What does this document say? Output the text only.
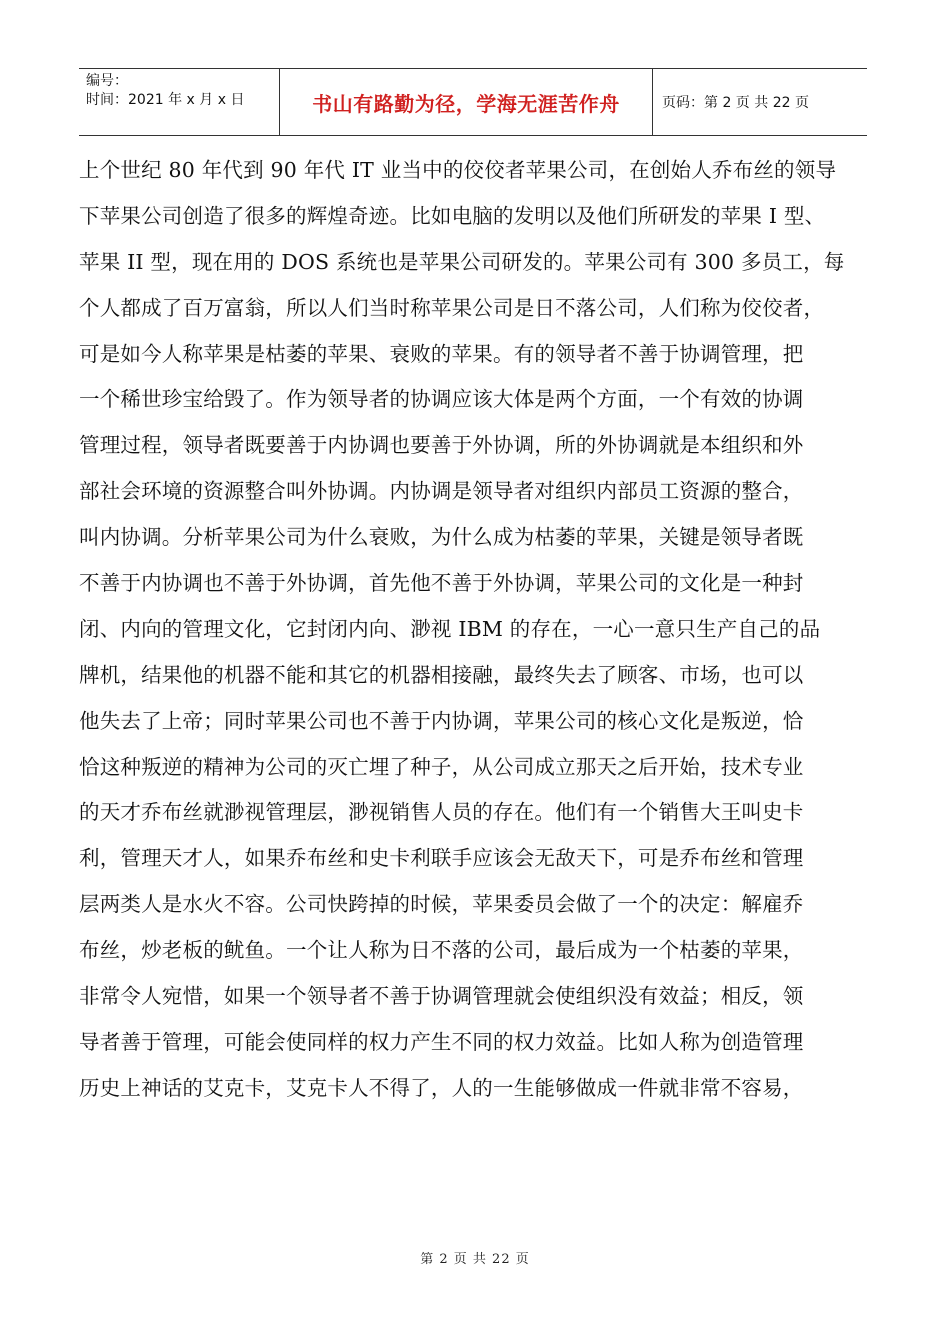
编号：
时间：2021 年 x 月 x 日	书山有路勤为径，学海无涯苦作舟	页码：第 2 页 共 22 页
上个世纪 80 年代到 90 年代 IT 业当中的佼佼者苹果公司，在创始人乔布丝的领导
下苹果公司创造了很多的辉煌奇迹。比如电脑的发明以及他们所研发的苹果 I 型、
苹果 II 型，现在用的 DOS 系统也是苹果公司研发的。苹果公司有 300 多员工，每
个人都成了百万富翁，所以人们当时称苹果公司是日不落公司，人们称为佼佼者，
可是如今人称苹果是枯萎的苹果、衰败的苹果。有的领导者不善于协调管理，把
一个稀世珍宝给毁了。作为领导者的协调应该大体是两个方面，一个有效的协调
管理过程，领导者既要善于内协调也要善于外协调，所的外协调就是本组织和外
部社会环境的资源整合叫外协调。内协调是领导者对组织内部员工资源的整合，
叫内协调。分析苹果公司为什么衰败，为什么成为枯萎的苹果，关键是领导者既
不善于内协调也不善于外协调，首先他不善于外协调，苹果公司的文化是一种封
闭、内向的管理文化，它封闭内向、渺视 IBM 的存在，一心一意只生产自己的品
牌机，结果他的机器不能和其它的机器相接融，最终失去了顾客、市场，也可以
他失去了上帝；同时苹果公司也不善于内协调，苹果公司的核心文化是叛逆，恰
恰这种叛逆的精神为公司的灭亡埋了种子，从公司成立那天之后开始，技术专业
的天才乔布丝就渺视管理层，渺视销售人员的存在。他们有一个销售大王叫史卡
利，管理天才人，如果乔布丝和史卡利联手应该会无敌天下，可是乔布丝和管理
层两类人是水火不容。公司快跨掉的时候，苹果委员会做了一个的决定：解雇乔
布丝，炒老板的鱿鱼。一个让人称为日不落的公司，最后成为一个枯萎的苹果，
非常令人宛惜，如果一个领导者不善于协调管理就会使组织没有效益；相反，领
导者善于管理，可能会使同样的权力产生不同的权力效益。比如人称为创造管理
历史上神话的艾克卡，艾克卡人不得了，人的一生能够做成一件就非常不容易，
第 2 页 共 22 页
